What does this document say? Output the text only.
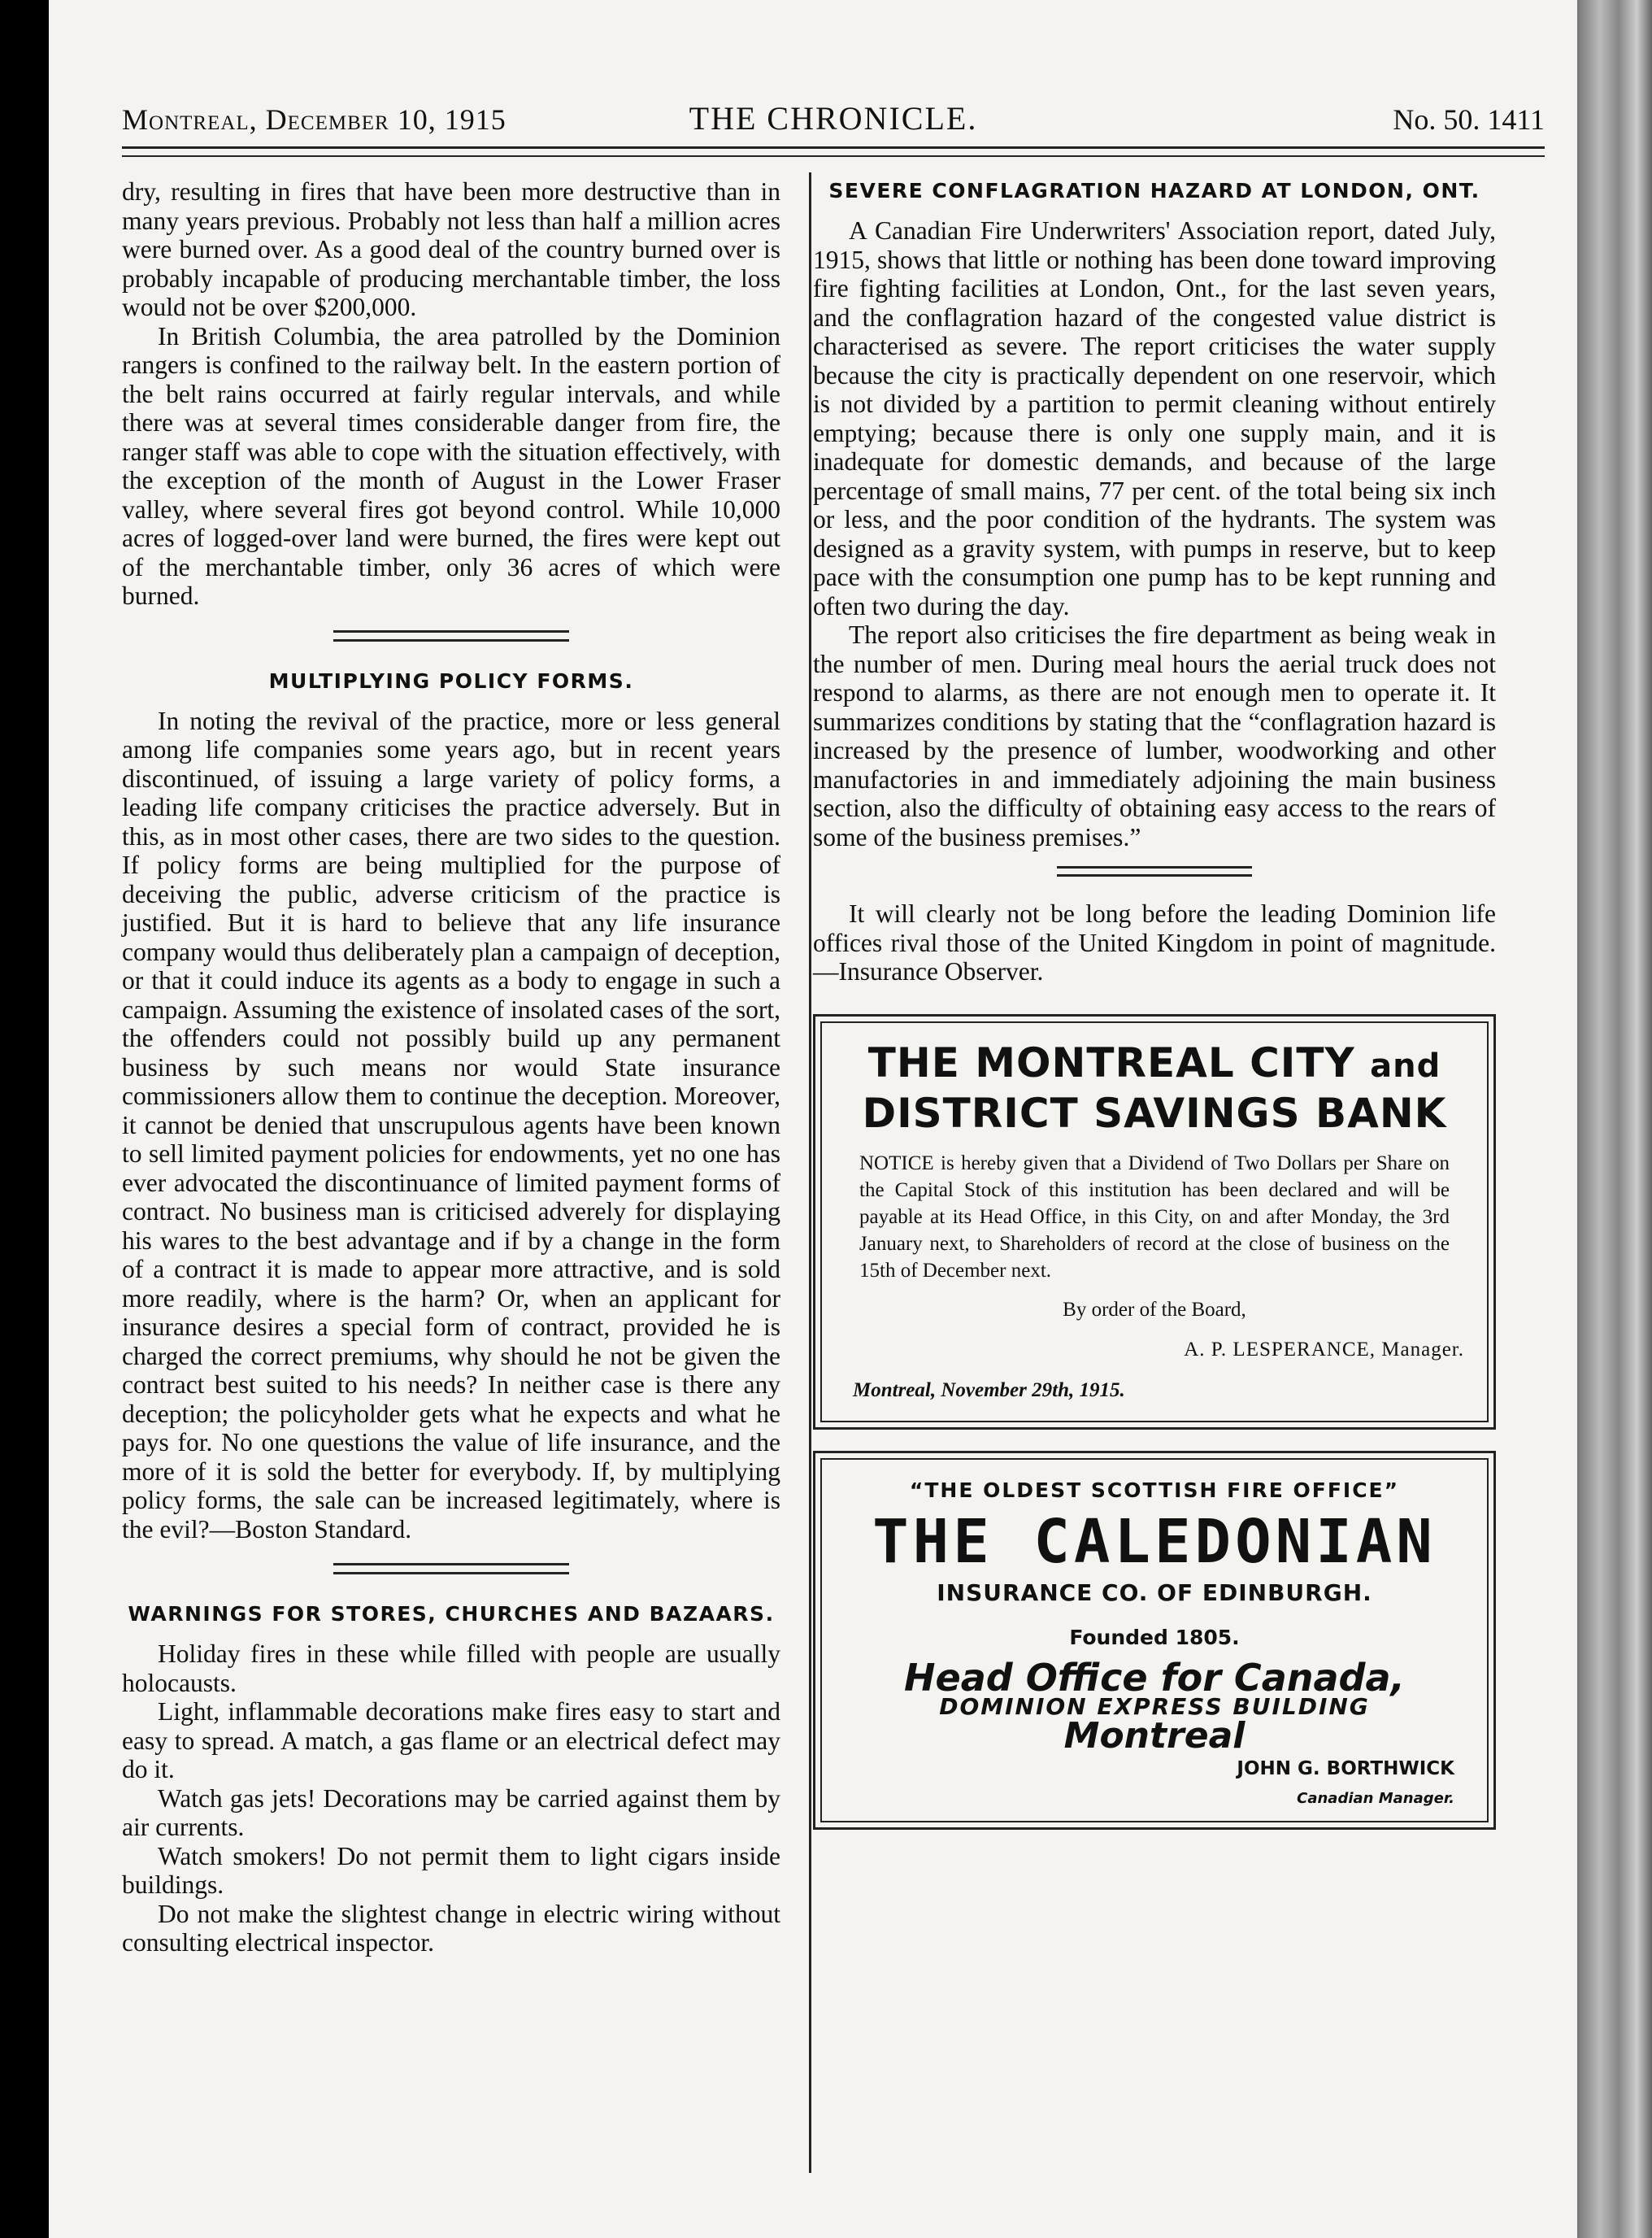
Montreal, December 10, 1915	THE CHRONICLE.	No. 50. 1411

dry, resulting in fires that have been more destructive than in many years previous. Probably not less than half a million acres were burned over. As a good deal of the country burned over is probably incapable of producing merchantable timber, the loss would not be over $200,000.

In British Columbia, the area patrolled by the Dominion rangers is confined to the railway belt. In the eastern portion of the belt rains occurred at fairly regular intervals, and while there was at several times considerable danger from fire, the ranger staff was able to cope with the situation effectively, with the exception of the month of August in the Lower Fraser valley, where several fires got beyond control. While 10,000 acres of logged-over land were burned, the fires were kept out of the merchantable timber, only 36 acres of which were burned.

MULTIPLYING POLICY FORMS.

In noting the revival of the practice, more or less general among life companies some years ago, but in recent years discontinued, of issuing a large variety of policy forms, a leading life company criticises the practice adversely. But in this, as in most other cases, there are two sides to the question. If policy forms are being multiplied for the purpose of deceiving the public, adverse criticism of the practice is justified. But it is hard to believe that any life insurance company would thus deliberately plan a campaign of deception, or that it could induce its agents as a body to engage in such a campaign. Assuming the existence of insolated cases of the sort, the offenders could not possibly build up any permanent business by such means nor would State insurance commissioners allow them to continue the deception. Moreover, it cannot be denied that unscrupulous agents have been known to sell limited payment policies for endowments, yet no one has ever advocated the discontinuance of limited payment forms of contract. No business man is criticised adverely for displaying his wares to the best advantage and if by a change in the form of a contract it is made to appear more attractive, and is sold more readily, where is the harm? Or, when an applicant for insurance desires a special form of contract, provided he is charged the correct premiums, why should he not be given the contract best suited to his needs? In neither case is there any deception; the policyholder gets what he expects and what he pays for. No one questions the value of life insurance, and the more of it is sold the better for everybody. If, by multiplying policy forms, the sale can be increased legitimately, where is the evil?—Boston Standard.

WARNINGS FOR STORES, CHURCHES AND BAZAARS.

Holiday fires in these while filled with people are usually holocausts.

Light, inflammable decorations make fires easy to start and easy to spread. A match, a gas flame or an electrical defect may do it.

Watch gas jets! Decorations may be carried against them by air currents.

Watch smokers! Do not permit them to light cigars inside buildings.

Do not make the slightest change in electric wiring without consulting electrical inspector.

SEVERE CONFLAGRATION HAZARD AT LONDON, ONT.

A Canadian Fire Underwriters' Association report, dated July, 1915, shows that little or nothing has been done toward improving fire fighting facilities at London, Ont., for the last seven years, and the conflagration hazard of the congested value district is characterised as severe. The report criticises the water supply because the city is practically dependent on one reservoir, which is not divided by a partition to permit cleaning without entirely emptying; because there is only one supply main, and it is inadequate for domestic demands, and because of the large percentage of small mains, 77 per cent. of the total being six inch or less, and the poor condition of the hydrants. The system was designed as a gravity system, with pumps in reserve, but to keep pace with the consumption one pump has to be kept running and often two during the day.

The report also criticises the fire department as being weak in the number of men. During meal hours the aerial truck does not respond to alarms, as there are not enough men to operate it. It summarizes conditions by stating that the “conflagration hazard is increased by the presence of lumber, woodworking and other manufactories in and immediately adjoining the main business section, also the difficulty of obtaining easy access to the rears of some of the business premises.”

It will clearly not be long before the leading Dominion life offices rival those of the United Kingdom in point of magnitude.—Insurance Observer.

THE MONTREAL CITY and
DISTRICT SAVINGS BANK
NOTICE is hereby given that a Dividend of Two Dollars per Share on the Capital Stock of this institution has been declared and will be payable at its Head Office, in this City, on and after Monday, the 3rd January next, to Shareholders of record at the close of business on the 15th of December next.
By order of the Board,
A. P. LESPERANCE, Manager.
Montreal, November 29th, 1915.
“THE OLDEST SCOTTISH FIRE OFFICE”
THE CALEDONIAN
INSURANCE CO. OF EDINBURGH.
Founded 1805.
Head Office for Canada,
DOMINION EXPRESS BUILDING
Montreal
JOHN G. BORTHWICK
Canadian Manager.
